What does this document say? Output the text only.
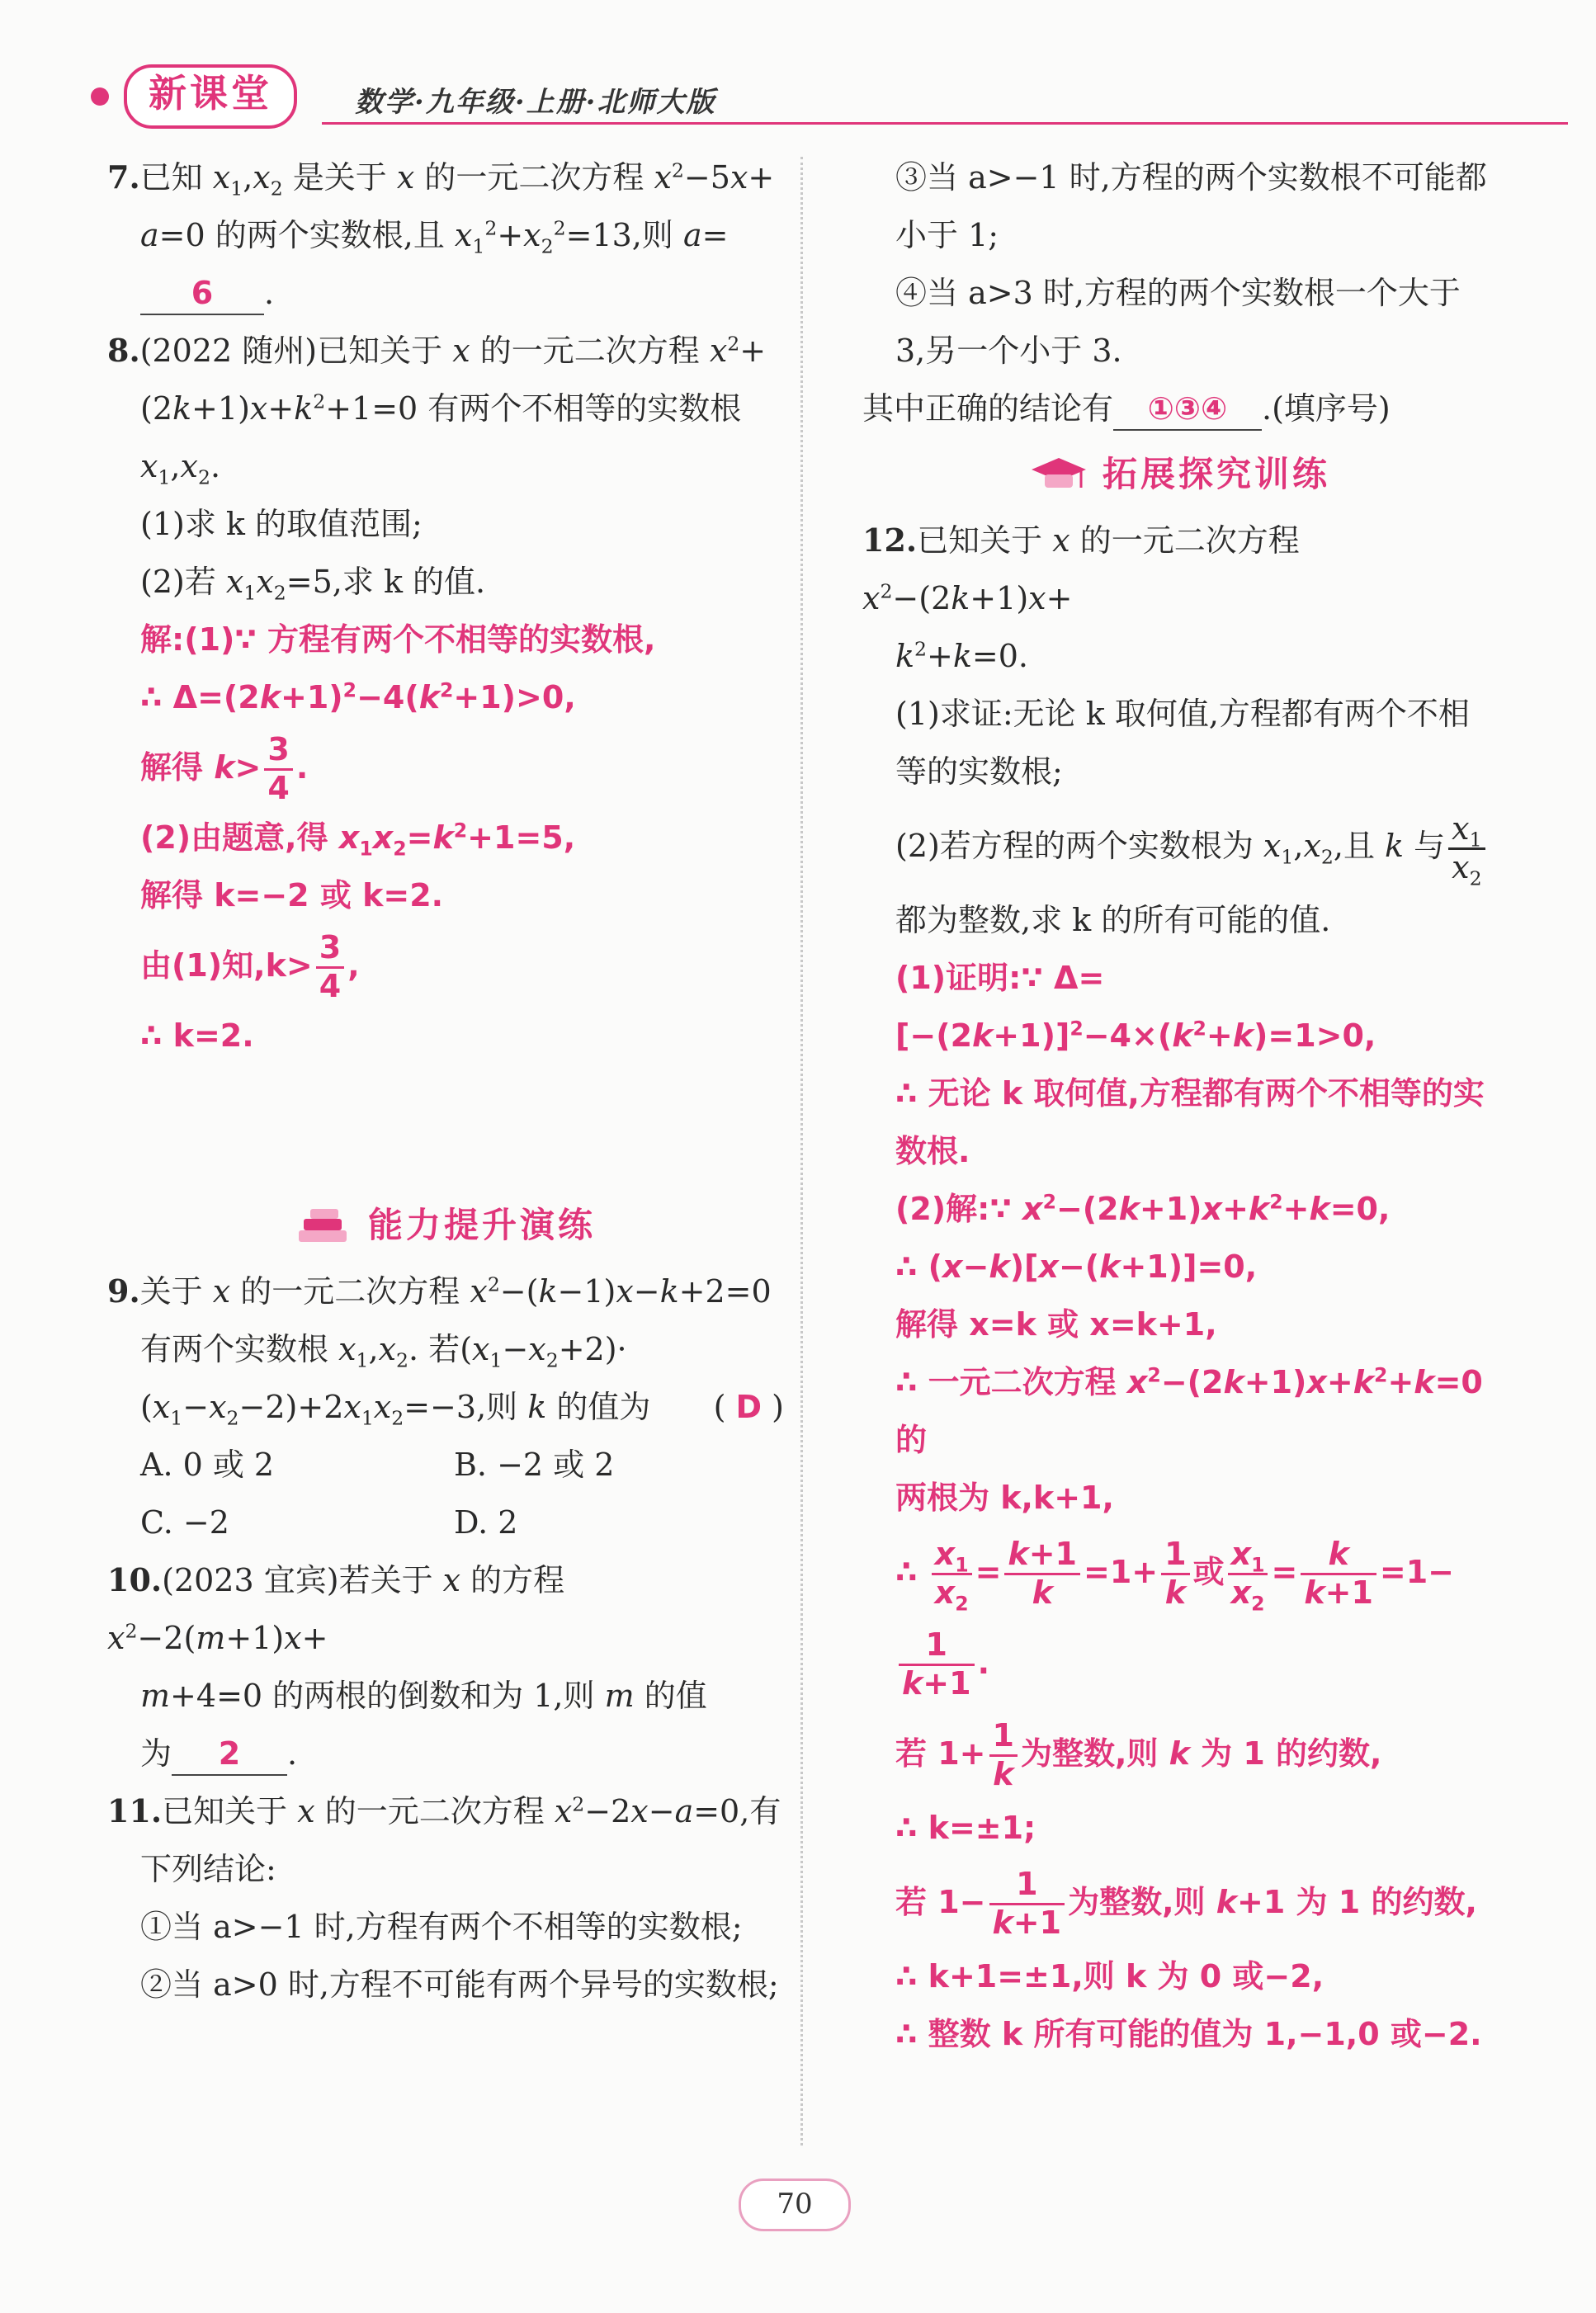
新课堂	数学·九年级·上册·北师大版

7.已知 $x_1,x_2$ 是关于 x 的一元二次方程 $x^2-5x+$

a=0 的两个实数根,且 $x_1^2+x_2^2=13$,则 a=

6 .

8.(2022 随州)已知关于 x 的一元二次方程 $x^2+$

$(2k+1)x+k^2+1=0$ 有两个不相等的实数根

$x_1,x_2$.

(1)求 k 的取值范围;

(2)若 $x_1x_2=5$,求 k 的值.

解:(1)∵ 方程有两个不相等的实数根,

∴ $\Delta=(2k+1)^2-4(k^2+1)>0$,

解得 $k> \frac{3}{4}$ .

(2)由题意,得 $x_1x_2=k^2+1=5$,

解得 k=−2 或 k=2.

由(1)知$,k> \frac{3}{4}$ ,

∴ k=2.

能力提升演练

9.关于 x 的一元二次方程 $x^2-(k-1)x-k+2=0$

有两个实数根 $x_1,x_2$. 若$(x_1-x_2+2)\cdot$

$(x_1-x_2-2)+2x_1x_2=-3$,则 k 的值为 ( D )

A. 0 或 2	B. −2 或 2

C. −2	D. 2

10.(2023 宜宾)若关于 x 的方程 $x^2-2(m+1)x+$

m+4=0 的两根的倒数和为 1,则 m 的值

为 2 .

11.已知关于 x 的一元二次方程 $x^2-2x-a=0$,有

下列结论:

①当 a>−1 时,方程有两个不相等的实数根;

②当 a>0 时,方程不可能有两个异号的实数根;

③当 a>−1 时,方程的两个实数根不可能都小于 1;

④当 a>3 时,方程的两个实数根一个大于 3,另一个小于 3.

其中正确的结论有 ①③④ .(填序号)

拓展探究训练

12.已知关于 x 的一元二次方程 $x^2-(2k+1)x+$

$k^2+k=0$.

(1)求证:无论 k 取何值,方程都有两个不相等的实数根;

(2)若方程的两个实数根为 $x_1,x_2$,且 k 与 $\frac{x_1}{x_2}$

都为整数,求 k 的所有可能的值.

(1)证明:∵ $\Delta=[-(2k+1)]^2-4\times(k^2+k)=1>0$,

∴ 无论 k 取何值,方程都有两个不相等的实数根.

(2)解:∵ $x^2-(2k+1)x+k^2+k=0$,

∴ (x−k)[x−(k+1)]=0,

解得 x=k 或 x=k+1,

∴ 一元二次方程 $x^2-(2k+1)x+k^2+k=0$ 的

两根为 k,k+1,

∴ $\frac{x_1}{x_2} = \frac{k+1}{k} =1+ \frac{1}{k}$ 或 $\frac{x_1}{x_2} = \frac{k}{k+1} =1-$
$\frac{1}{k+1}$ .

若 $1+ \frac{1}{k}$ 为整数,则 k 为 1 的约数,

∴ k=±1;

若 $1- \frac{1}{k+1}$ 为整数,则 k+1 为 1 的约数,

∴ k+1=±1,则 k 为 0 或−2,

∴ 整数 k 所有可能的值为 1,−1,0 或−2.

70
